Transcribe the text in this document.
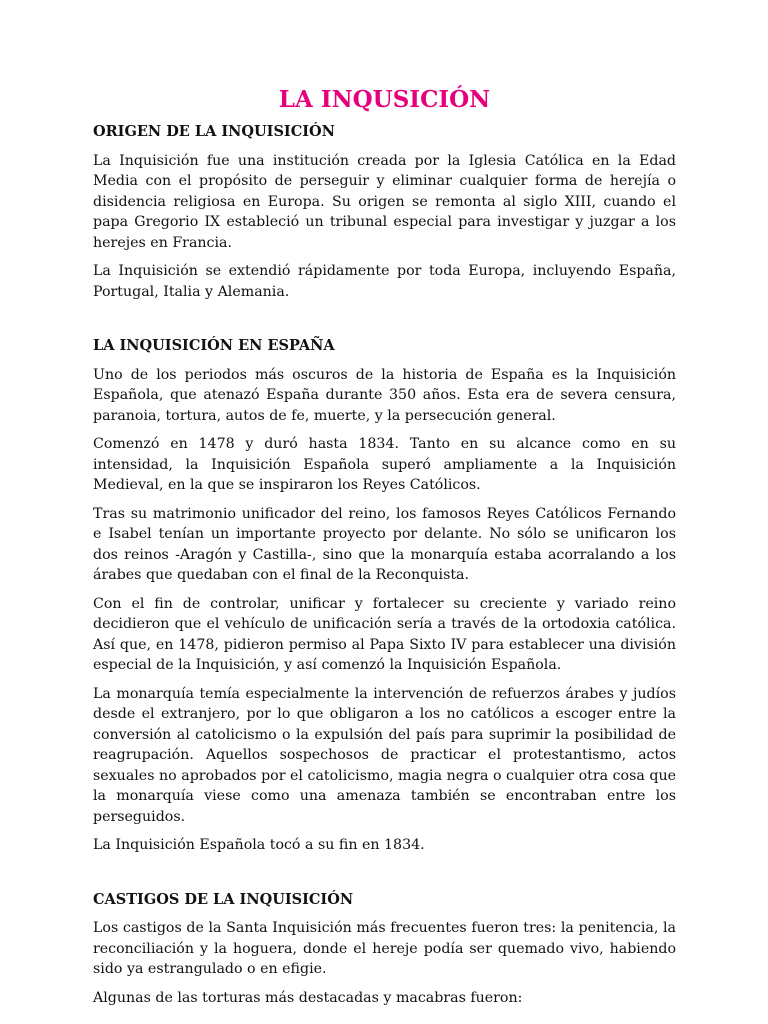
LA INQUSICIÓN
ORIGEN DE LA INQUISICIÓN

La Inquisición fue una institución creada por la Iglesia Católica en la Edad Media con el propósito de perseguir y eliminar cualquier forma de herejía o disidencia religiosa en Europa. Su origen se remonta al siglo XIII, cuando el papa Gregorio IX estableció un tribunal especial para investigar y juzgar a los herejes en Francia.

La Inquisición se extendió rápidamente por toda Europa, incluyendo España, Portugal, Italia y Alemania.

LA INQUISICIÓN EN ESPAÑA

Uno de los periodos más oscuros de la historia de España es la Inquisición Española, que atenazó España durante 350 años. Esta era de severa censura, paranoia, tortura, autos de fe, muerte, y la persecución general.

Comenzó en 1478 y duró hasta 1834. Tanto en su alcance como en su intensidad, la Inquisición Española superó ampliamente a la Inquisición Medieval, en la que se inspiraron los Reyes Católicos.

Tras su matrimonio unificador del reino, los famosos Reyes Católicos Fernando e Isabel tenían un importante proyecto por delante. No sólo se unificaron los dos reinos -Aragón y Castilla-, sino que la monarquía estaba acorralando a los árabes que quedaban con el final de la Reconquista.

Con el fin de controlar, unificar y fortalecer su creciente y variado reino decidieron que el vehículo de unificación sería a través de la ortodoxia católica. Así que, en 1478, pidieron permiso al Papa Sixto IV para establecer una división especial de la Inquisición, y así comenzó la Inquisición Española.

La monarquía temía especialmente la intervención de refuerzos árabes y judíos desde el extranjero, por lo que obligaron a los no católicos a escoger entre la conversión al catolicismo o la expulsión del país para suprimir la posibilidad de reagrupación. Aquellos sospechosos de practicar el protestantismo, actos sexuales no aprobados por el catolicismo, magia negra o cualquier otra cosa que la monarquía viese como una amenaza también se encontraban entre los perseguidos.

La Inquisición Española tocó a su fin en 1834.

CASTIGOS DE LA INQUISICIÓN

Los castigos de la Santa Inquisición más frecuentes fueron tres: la penitencia, la reconciliación y la hoguera, donde el hereje podía ser quemado vivo, habiendo sido ya estrangulado o en efigie.

Algunas de las torturas más destacadas y macabras fueron:
